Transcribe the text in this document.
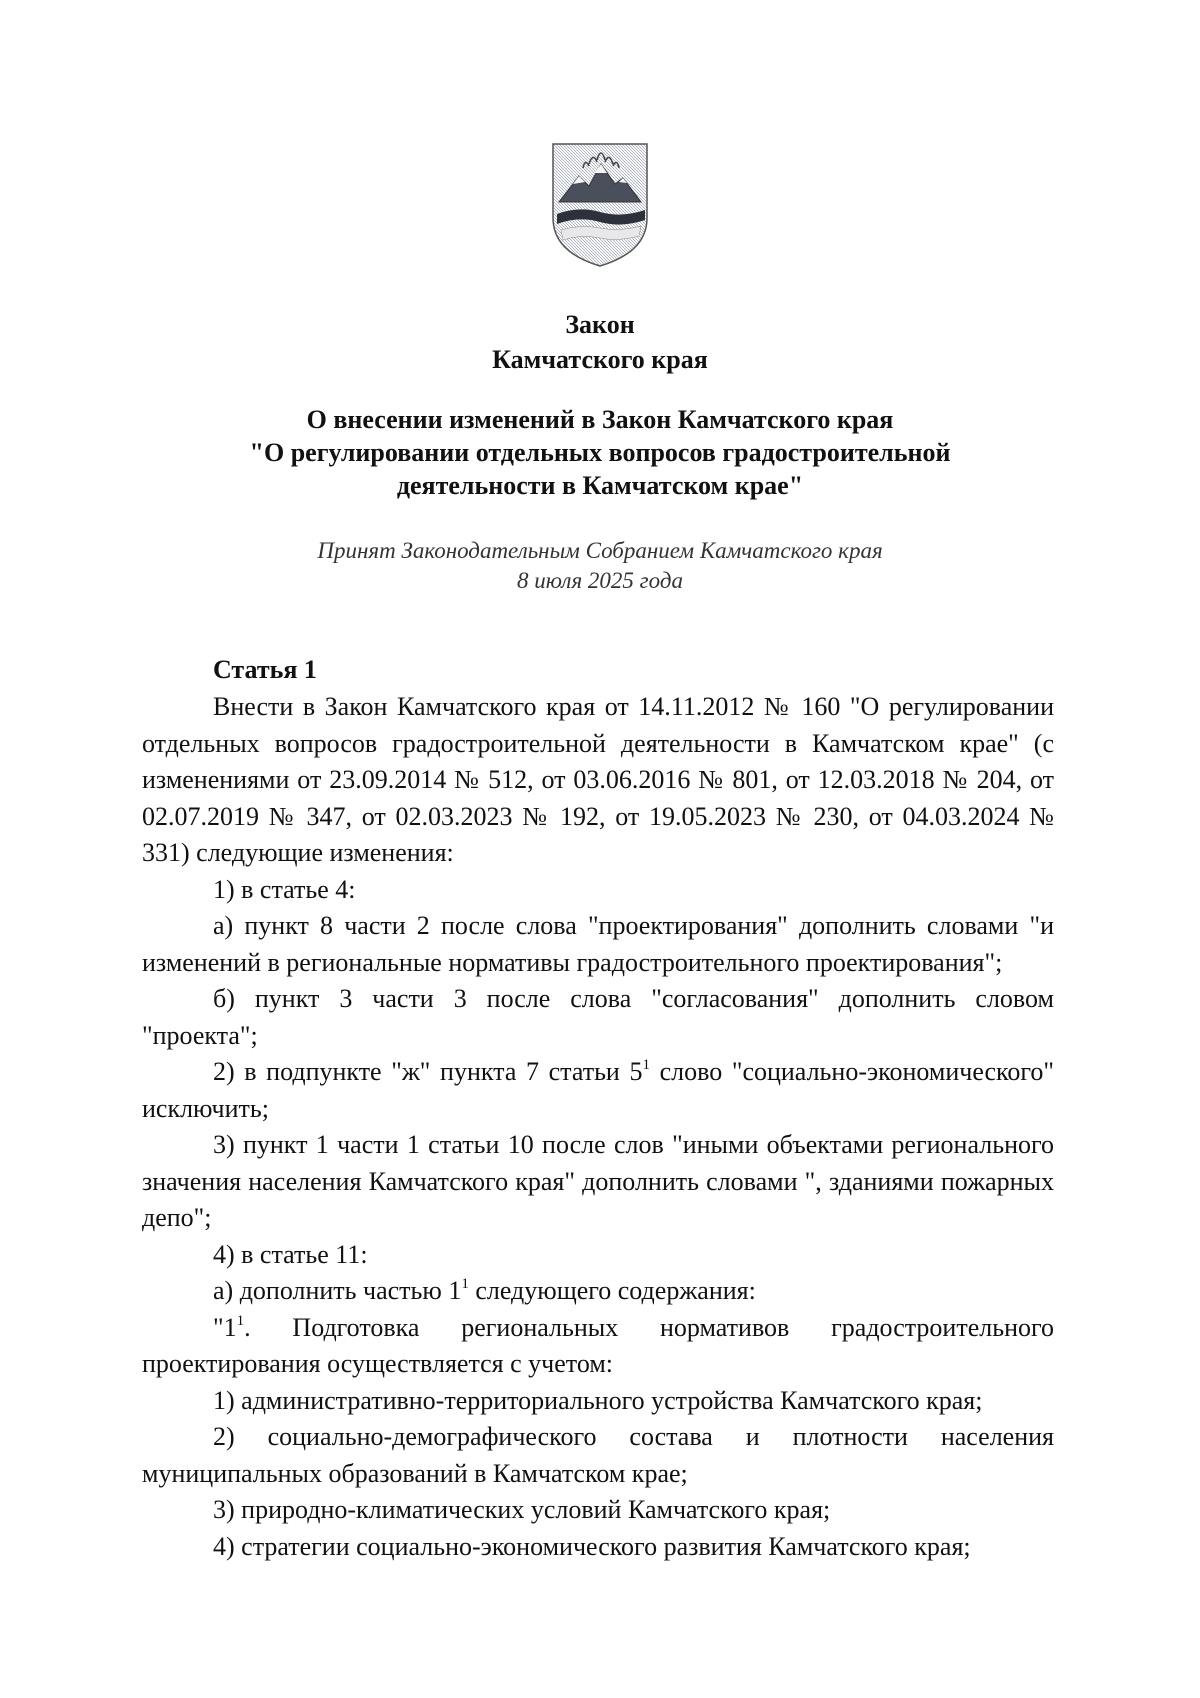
Закон
Камчатского края
О внесении изменений в Закон Камчатского края
"О регулировании отдельных вопросов градостроительной
деятельности в Камчатском крае"
Принят Законодательным Собранием Камчатского края
8 июля 2025 года
Статья 1
Внести в Закон Камчатского края от 14.11.2012 № 160 "О регулировании отдельных вопросов градостроительной деятельности в Камчатском крае" (с изменениями от 23.09.2014 № 512, от 03.06.2016 № 801, от 12.03.2018 № 204, от 02.07.2019 № 347, от 02.03.2023 № 192, от 19.05.2023 № 230, от 04.03.2024 № 331) следующие изменения:
1) в статье 4:
а) пункт 8 части 2 после слова "проектирования" дополнить словами "и изменений в региональные нормативы градостроительного проектирования";
б) пункт 3 части 3 после слова "согласования" дополнить словом "проекта";
2) в подпункте "ж" пункта 7 статьи $5^1$ слово "социально-экономического" исключить;
3) пункт 1 части 1 статьи 10 после слов "иными объектами регионального значения населения Камчатского края" дополнить словами ", зданиями пожарных депо";
4) в статье 11:
а) дополнить частью $1^1$ следующего содержания:
"$1^1$. Подготовка региональных нормативов градостроительного проектирования осуществляется с учетом:
1) административно-территориального устройства Камчатского края;
2) социально-демографического состава и плотности населения муниципальных образований в Камчатском крае;
3) природно-климатических условий Камчатского края;
4) стратегии социально-экономического развития Камчатского края;
